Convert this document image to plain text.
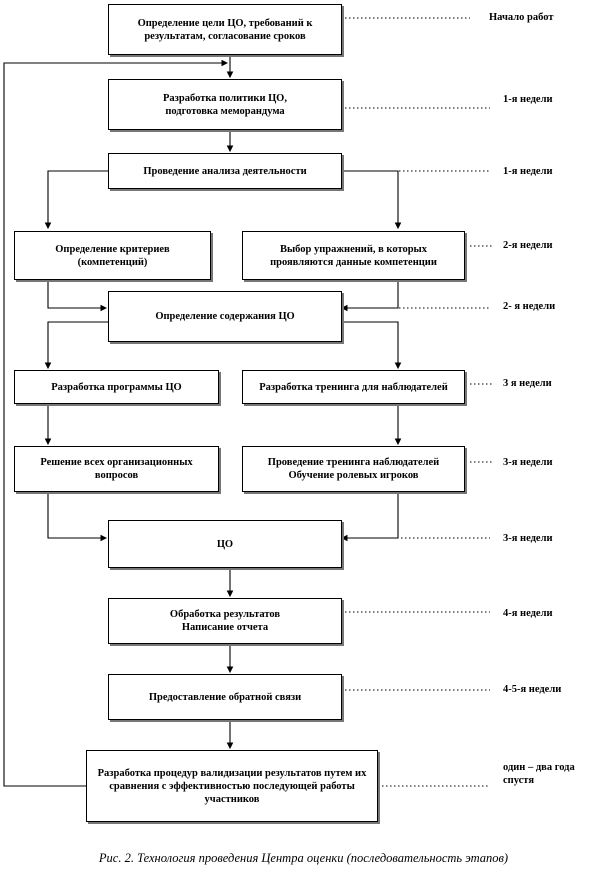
Определение цели ЦО, требований к результатам, согласование сроков
Разработка политики ЦО,
подготовка меморандума
Проведение анализа деятельности
Определение критериев
(компетенций)
Выбор упражнений, в которых проявляются данные компетенции
Определение содержания ЦО
Разработка программы ЦО	Разработка тренинга для наблюдателей
Решение всех организационных вопросов
Проведение тренинга наблюдателей
Обучение ролевых игроков
ЦО
Обработка результатов
Написание отчета
Предоставление обратной связи
Разработка процедур валидизации результатов путем их сравнения с эффективностью последующей работы участников
Начало работ
1-я недели
1-я недели
2-я недели
2- я недели
3 я недели
3-я недели
3-я недели
4-я недели
4-5-я недели
один – два года
спустя
Рис. 2. Технология проведения Центра оценки (последовательность этапов)
